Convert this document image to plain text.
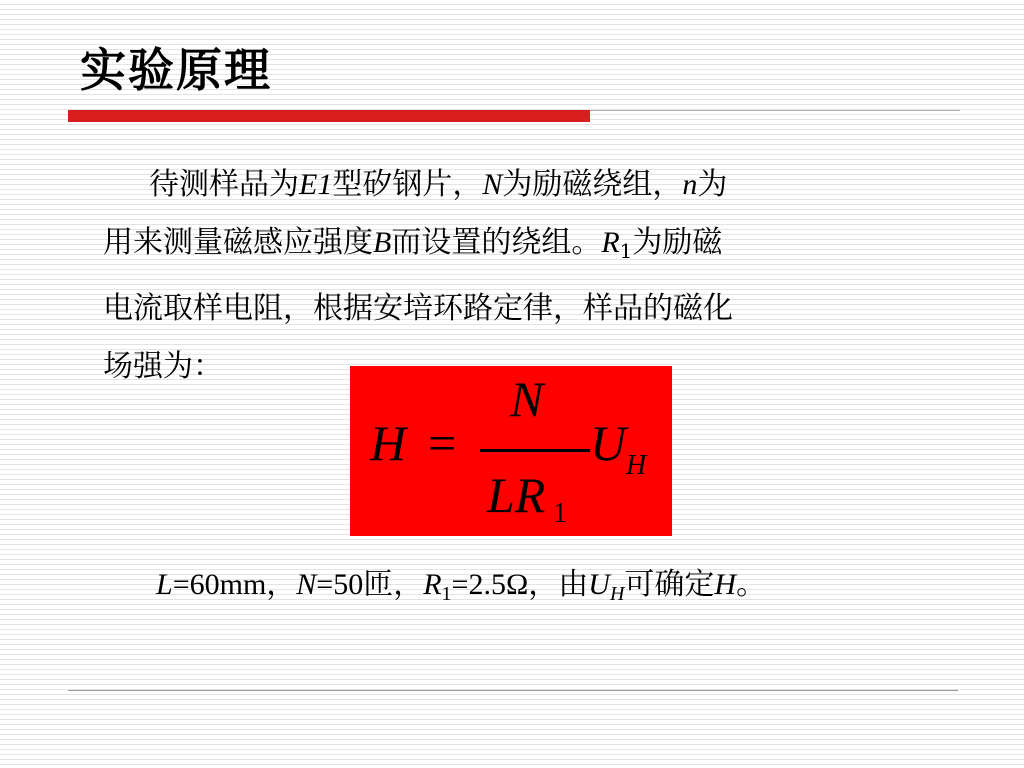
实验原理
待测样品为E1型矽钢片，N为励磁绕组，n为
用来测量磁感应强度B而设置的绕组。$R_1$为励磁
电流取样电阻，根据安培环路定律，样品的磁化
场强为：
H =
N
LR 1
U H
L=60mm，N=50匝，$R_1=2.5\Omega$，由$U_H$可确定H。
